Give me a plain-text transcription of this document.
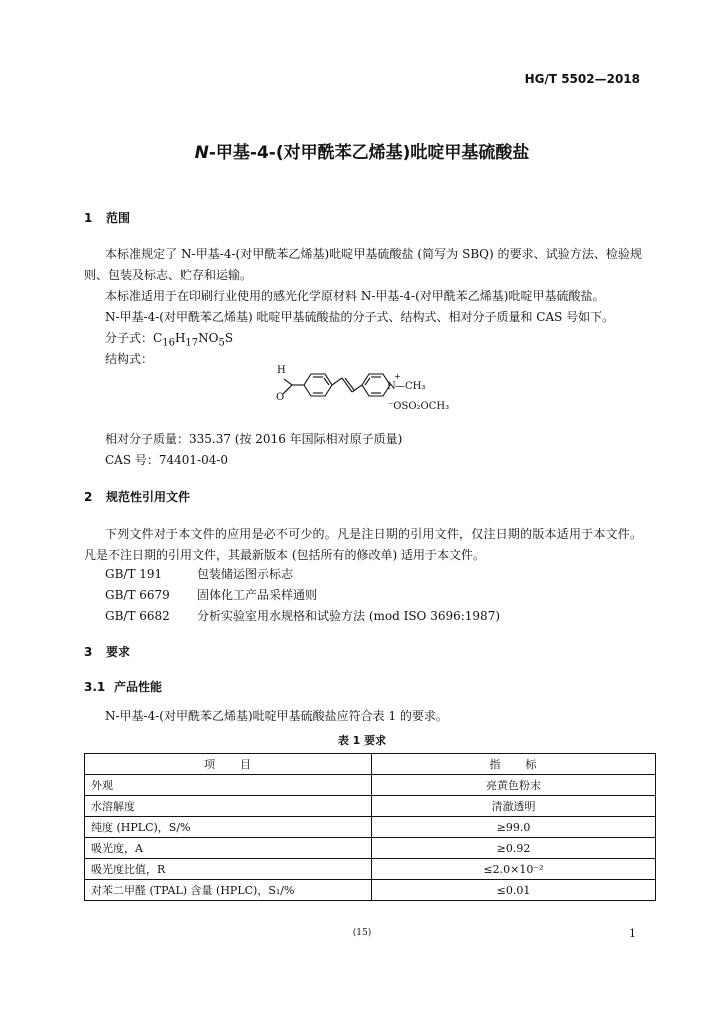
HG/T 5502—2018
N-甲基-4-(对甲酰苯乙烯基)吡啶甲基硫酸盐
1 范围
本标准规定了 N-甲基-4-(对甲酰苯乙烯基)吡啶甲基硫酸盐 (简写为 SBQ) 的要求、试验方法、检验规则、包装及标志、贮存和运输。
本标准适用于在印刷行业使用的感光化学原材料 N-甲基-4-(对甲酰苯乙烯基)吡啶甲基硫酸盐。
N-甲基-4-(对甲酰苯乙烯基) 吡啶甲基硫酸盐的分子式、结构式、相对分子质量和 CAS 号如下。
分子式：$C_{16}H_{17}NO_5S$
结构式：
H
O
N
+
—CH₃
⁻OSO₂OCH₃
相对分子质量：335.37 (按 2016 年国际相对原子质量)
CAS 号：74401-04-0
2 规范性引用文件
下列文件对于本文件的应用是必不可少的。凡是注日期的引用文件，仅注日期的版本适用于本文件。凡是不注日期的引用文件，其最新版本 (包括所有的修改单) 适用于本文件。
GB/T 191	包装储运图示标志
GB/T 6679 固体化工产品采样通则
GB/T 6682 分析实验室用水规格和试验方法 (mod ISO 3696:1987)
3 要求
3.1 产品性能
N-甲基-4-(对甲酰苯乙烯基)吡啶甲基硫酸盐应符合表 1 的要求。
表 1 要求
项　　目	指　　标
外观	亮黄色粉末
水溶解度	清澈透明
纯度 (HPLC)，S/%	≥99.0
吸光度，A	≥0.92
吸光度比值，R	≤2.0×10⁻²
对苯二甲醛 (TPAL) 含量 (HPLC)，S₁/%	≤0.01
(15)	1
